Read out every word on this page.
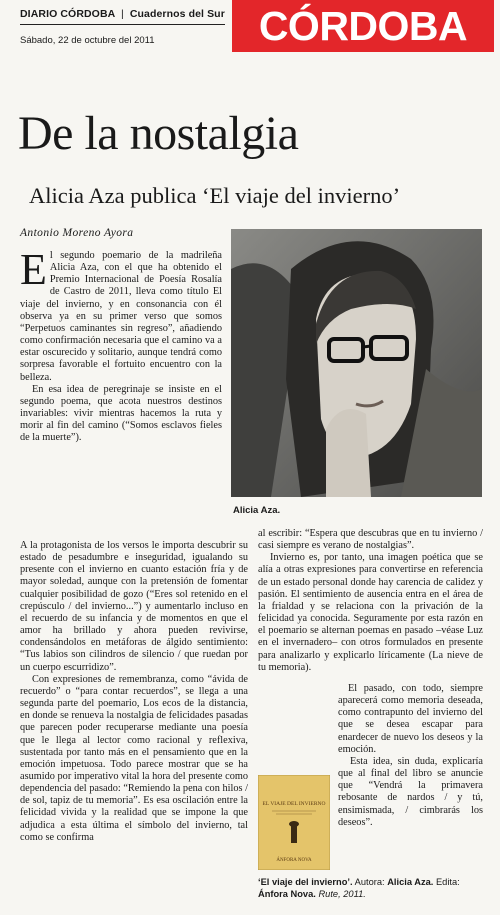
DIARIO CÓRDOBA | Cuadernos del Sur
Sábado, 22 de octubre del 2011	CÓRDOBA
De la nostalgia
Alicia Aza publica ‘El viaje del invierno’
Antonio Moreno Ayora

El segundo poemario de la madrileña Alicia Aza, con el que ha obtenido el Premio Internacional de Poesía Rosalía de Castro de 2011, lleva como título El viaje del invierno, y en consonancia con él observa ya en su primer verso que somos “Perpetuos caminantes sin regreso”, añadiendo como confirmación necesaria que el camino va a estar oscurecido y solitario, aunque tendrá como sorpresa favorable el fortuito encuentro con la belleza.

En esa idea de peregrinaje se insiste en el segundo poema, que acota nuestros destinos invariables: vivir mientras hacemos la ruta y morir al fin del camino (“Somos esclavos fieles de la muerte”).

Alicia Aza.

A la protagonista de los versos le importa descubrir su estado de pesadumbre e inseguridad, igualando su presente con el invierno en cuanto estación fría y de mayor soledad, aunque con la pretensión de fomentar cualquier posibilidad de gozo (“Eres sol retenido en el crepúsculo / del invierno...”) y aumentarlo incluso en el recuerdo de su infancia y de momentos en que el amor ha brillado y ahora pueden revivirse, condensándolos en metáforas de álgido sentimiento: “Tus labios son cilindros de silencio / que ruedan por un cuerpo escurridizo”.

Con expresiones de remembranza, como “ávida de recuerdo” o “para contar recuerdos”, se llega a una segunda parte del poemario, Los ecos de la distancia, en donde se renueva la nostalgia de felicidades pasadas que parecen poder recuperarse mediante una poesía que le llega al lector como racional y reflexiva, sustentada por tanto más en el pensamiento que en la emoción impetuosa. Todo parece mostrar que se ha asumido por imperativo vital la hora del presente como dependencia del pasado: “Remiendo la pena con hilos / de sol, tapiz de tu memoria”. Es esa oscilación entre la felicidad vivida y la realidad que se impone la que adjudica a esta última el símbolo del invierno, tal como se confirma

al escribir: “Espera que descubras que en tu invierno / casi siempre es verano de nostalgias”.

Invierno es, por tanto, una imagen poética que se alía a otras expresiones para convertirse en referencia de un estado personal donde hay carencia de calidez y pasión. El sentimiento de ausencia entra en el área de la frialdad y se relaciona con la privación de la felicidad ya conocida. Seguramente por esta razón en el poemario se alternan poemas en pasado –véase Luz en el invernadero– con otros formulados en presente para analizarlo y explicarlo líricamente (La nieve de tu memoria).

El pasado, con todo, siempre aparecerá como memoria deseada, como contrapunto del invierno del que se desea escapar para enardecer de nuevo los deseos y la emoción.

Esta idea, sin duda, explicaría que al final del libro se anuncie que “Vendrá la primavera rebosante de nardos / y tú, ensimismada, / cimbrarás los deseos”.

EL VIAJE DEL INVIERNO
ÁNFORA NOVA
‘El viaje del invierno’. Autora: Alicia Aza. Edita: Ánfora Nova. Rute, 2011.
